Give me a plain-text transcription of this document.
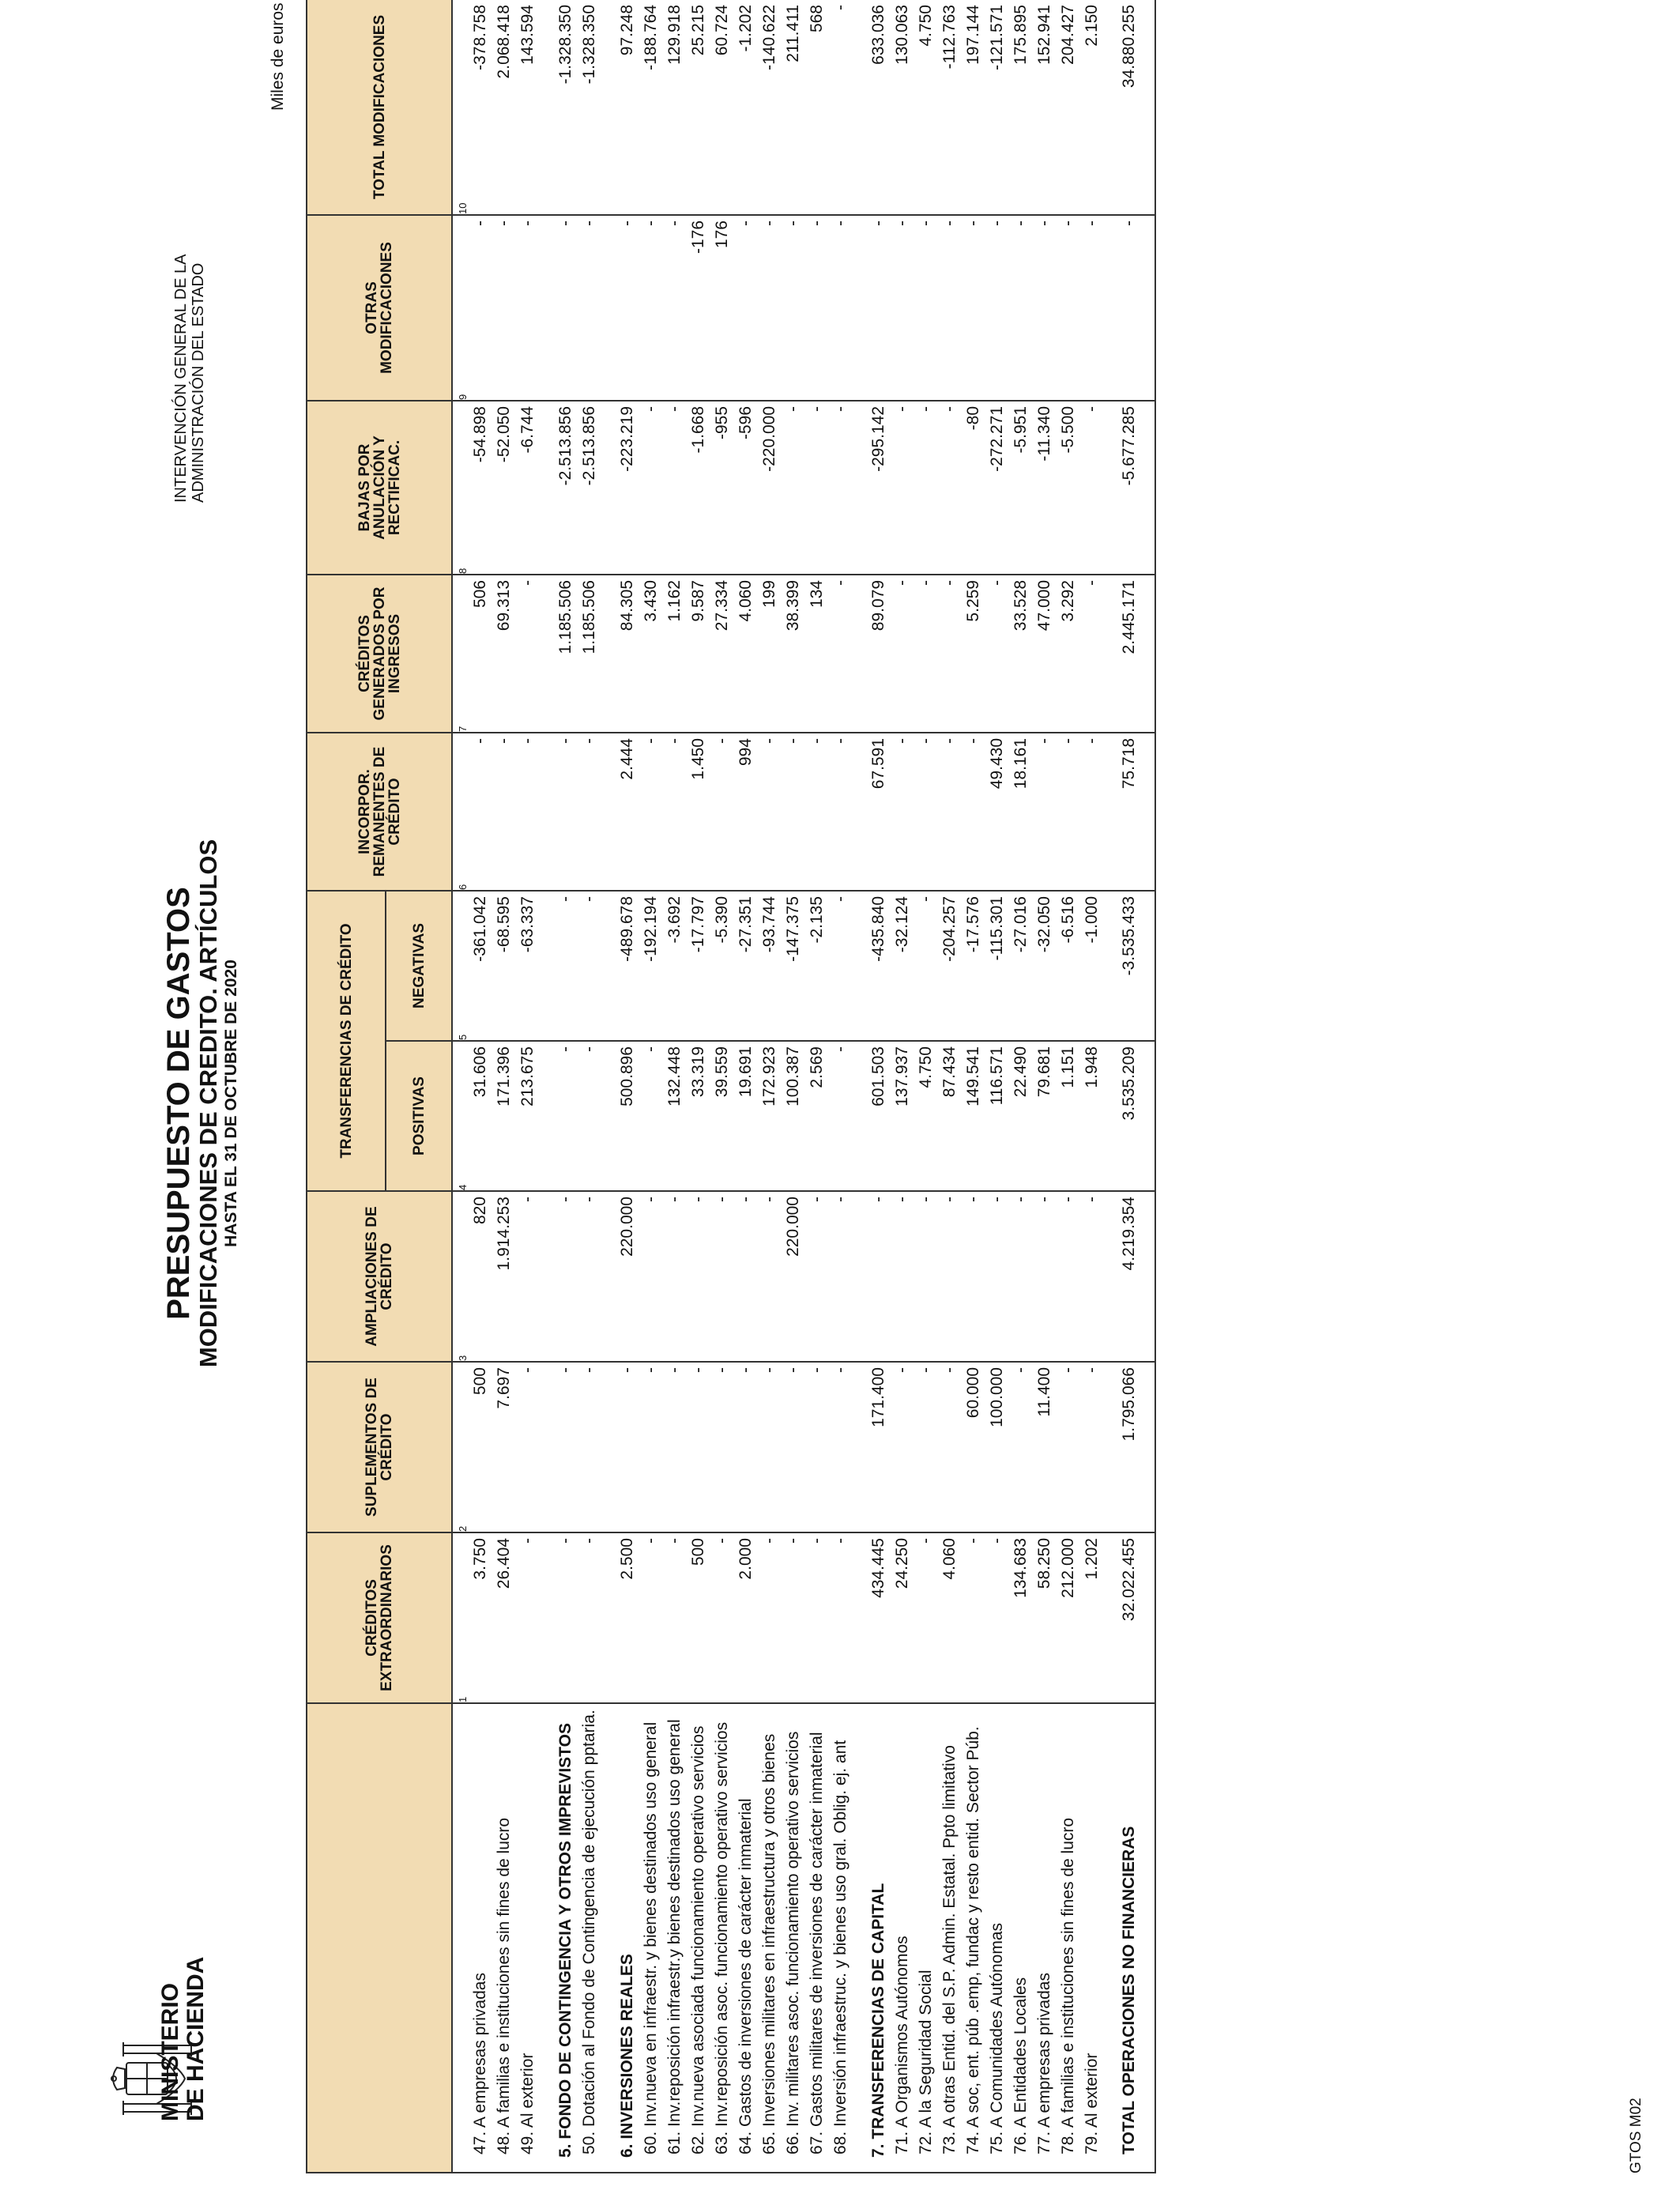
MINISTERIO DE HACIENDA
PRESUPUESTO DE GASTOS
MODIFICACIONES DE CREDITO. ARTÍCULOS HASTA EL 31 DE OCTUBRE DE 2020
INTERVENCIÓN GENERAL DE LA ADMINISTRACIÓN DEL ESTADO
Miles de euros
	CRÉDITOS EXTRAORDINARIOS	SUPLEMENTOS DE CRÉDITO	AMPLIACIONES DE CRÉDITO	TRANSFERENCIAS DE CRÉDITO		INCORPOR. REMANENTES DE CRÉDITO	CRÉDITOS GENERADOS POR INGRESOS	BAJAS POR ANULACIÓN Y RECTIFICAC.	OTRAS MODIFICACIONES	TOTAL MODIFICACIONES
				POSITIVAS	NEGATIVAS					
	1	2	3	4	5	6	7	8	9	10
47. A empresas privadas	3.750	500	820	31.606	-361.042	-	506	-54.898	-	-378.758
48. A familias e instituciones sin fines de lucro	26.404	7.697	1.914.253	171.396	-68.595	-	69.313	-52.050	-	2.068.418
49. Al exterior	-	-	-	213.675	-63.337	-	-	-6.744	-	143.594

5. FONDO DE CONTINGENCIA Y OTROS IMPREVISTOS	-	-	-	-	-	-	1.185.506	-2.513.856	-	-1.328.350
50. Dotación al Fondo de Contingencia de ejecución pptaria.	-	-	-	-	-	-	1.185.506	-2.513.856	-	-1.328.350

6. INVERSIONES REALES	2.500	-	220.000	500.896	-489.678	2.444	84.305	-223.219	-	97.248
60. Inv.nueva en infraestr. y bienes destinados uso general	-	-	-	-	-192.194	-	3.430	-	-	-188.764
61. Inv.reposición infraestr.y bienes destinados uso general	-	-	-	132.448	-3.692	-	1.162	-	-	129.918
62. Inv.nueva asociada funcionamiento operativo servicios	500	-	-	33.319	-17.797	1.450	9.587	-1.668	-176	25.215
63. Inv.reposición asoc. funcionamiento operativo servicios	-	-	-	39.559	-5.390	-	27.334	-955	176	60.724
64. Gastos de inversiones de carácter inmaterial	2.000	-	-	19.691	-27.351	994	4.060	-596	-	-1.202
65. Inversiones militares en infraestructura y otros bienes	-	-	-	172.923	-93.744	-	199	-220.000	-	-140.622
66. Inv. militares asoc. funcionamiento operativo servicios	-	-	220.000	100.387	-147.375	-	38.399	-	-	211.411
67. Gastos militares de inversiones de carácter inmaterial	-	-	-	2.569	-2.135	-	134	-	-	568
68. Inversión infraestruc. y bienes uso gral. Oblig. ej. ant	-	-	-	-	-	-	-	-	-	-

7. TRANSFERENCIAS DE CAPITAL	434.445	171.400	-	601.503	-435.840	67.591	89.079	-295.142	-	633.036
71. A Organismos Autónomos	24.250	-	-	137.937	-32.124	-	-	-	-	130.063
72. A la Seguridad Social	-	-	-	4.750	-	-	-	-	-	4.750
73. A otras Entid. del S.P. Admin. Estatal. Ppto limitativo	4.060	-	-	87.434	-204.257	-	-	-	-	-112.763
74. A soc, ent. púb .emp, fundac y resto entid. Sector Púb.	-	60.000	-	149.541	-17.576	-	5.259	-80	-	197.144
75. A Comunidades Autónomas	-	100.000	-	116.571	-115.301	49.430	-	-272.271	-	-121.571
76. A Entidades Locales	134.683	-	-	22.490	-27.016	18.161	33.528	-5.951	-	175.895
77. A empresas privadas	58.250	11.400	-	79.681	-32.050	-	47.000	-11.340	-	152.941
78. A familias e instituciones sin fines de lucro	212.000	-	-	1.151	-6.516	-	3.292	-5.500	-	204.427
79. Al exterior	1.202	-	-	1.948	-1.000	-	-	-	-	2.150
TOTAL OPERACIONES NO FINANCIERAS	32.022.455	1.795.066	4.219.354	3.535.209	-3.535.433	75.718	2.445.171	-5.677.285	-	34.880.255
GTOS M02
